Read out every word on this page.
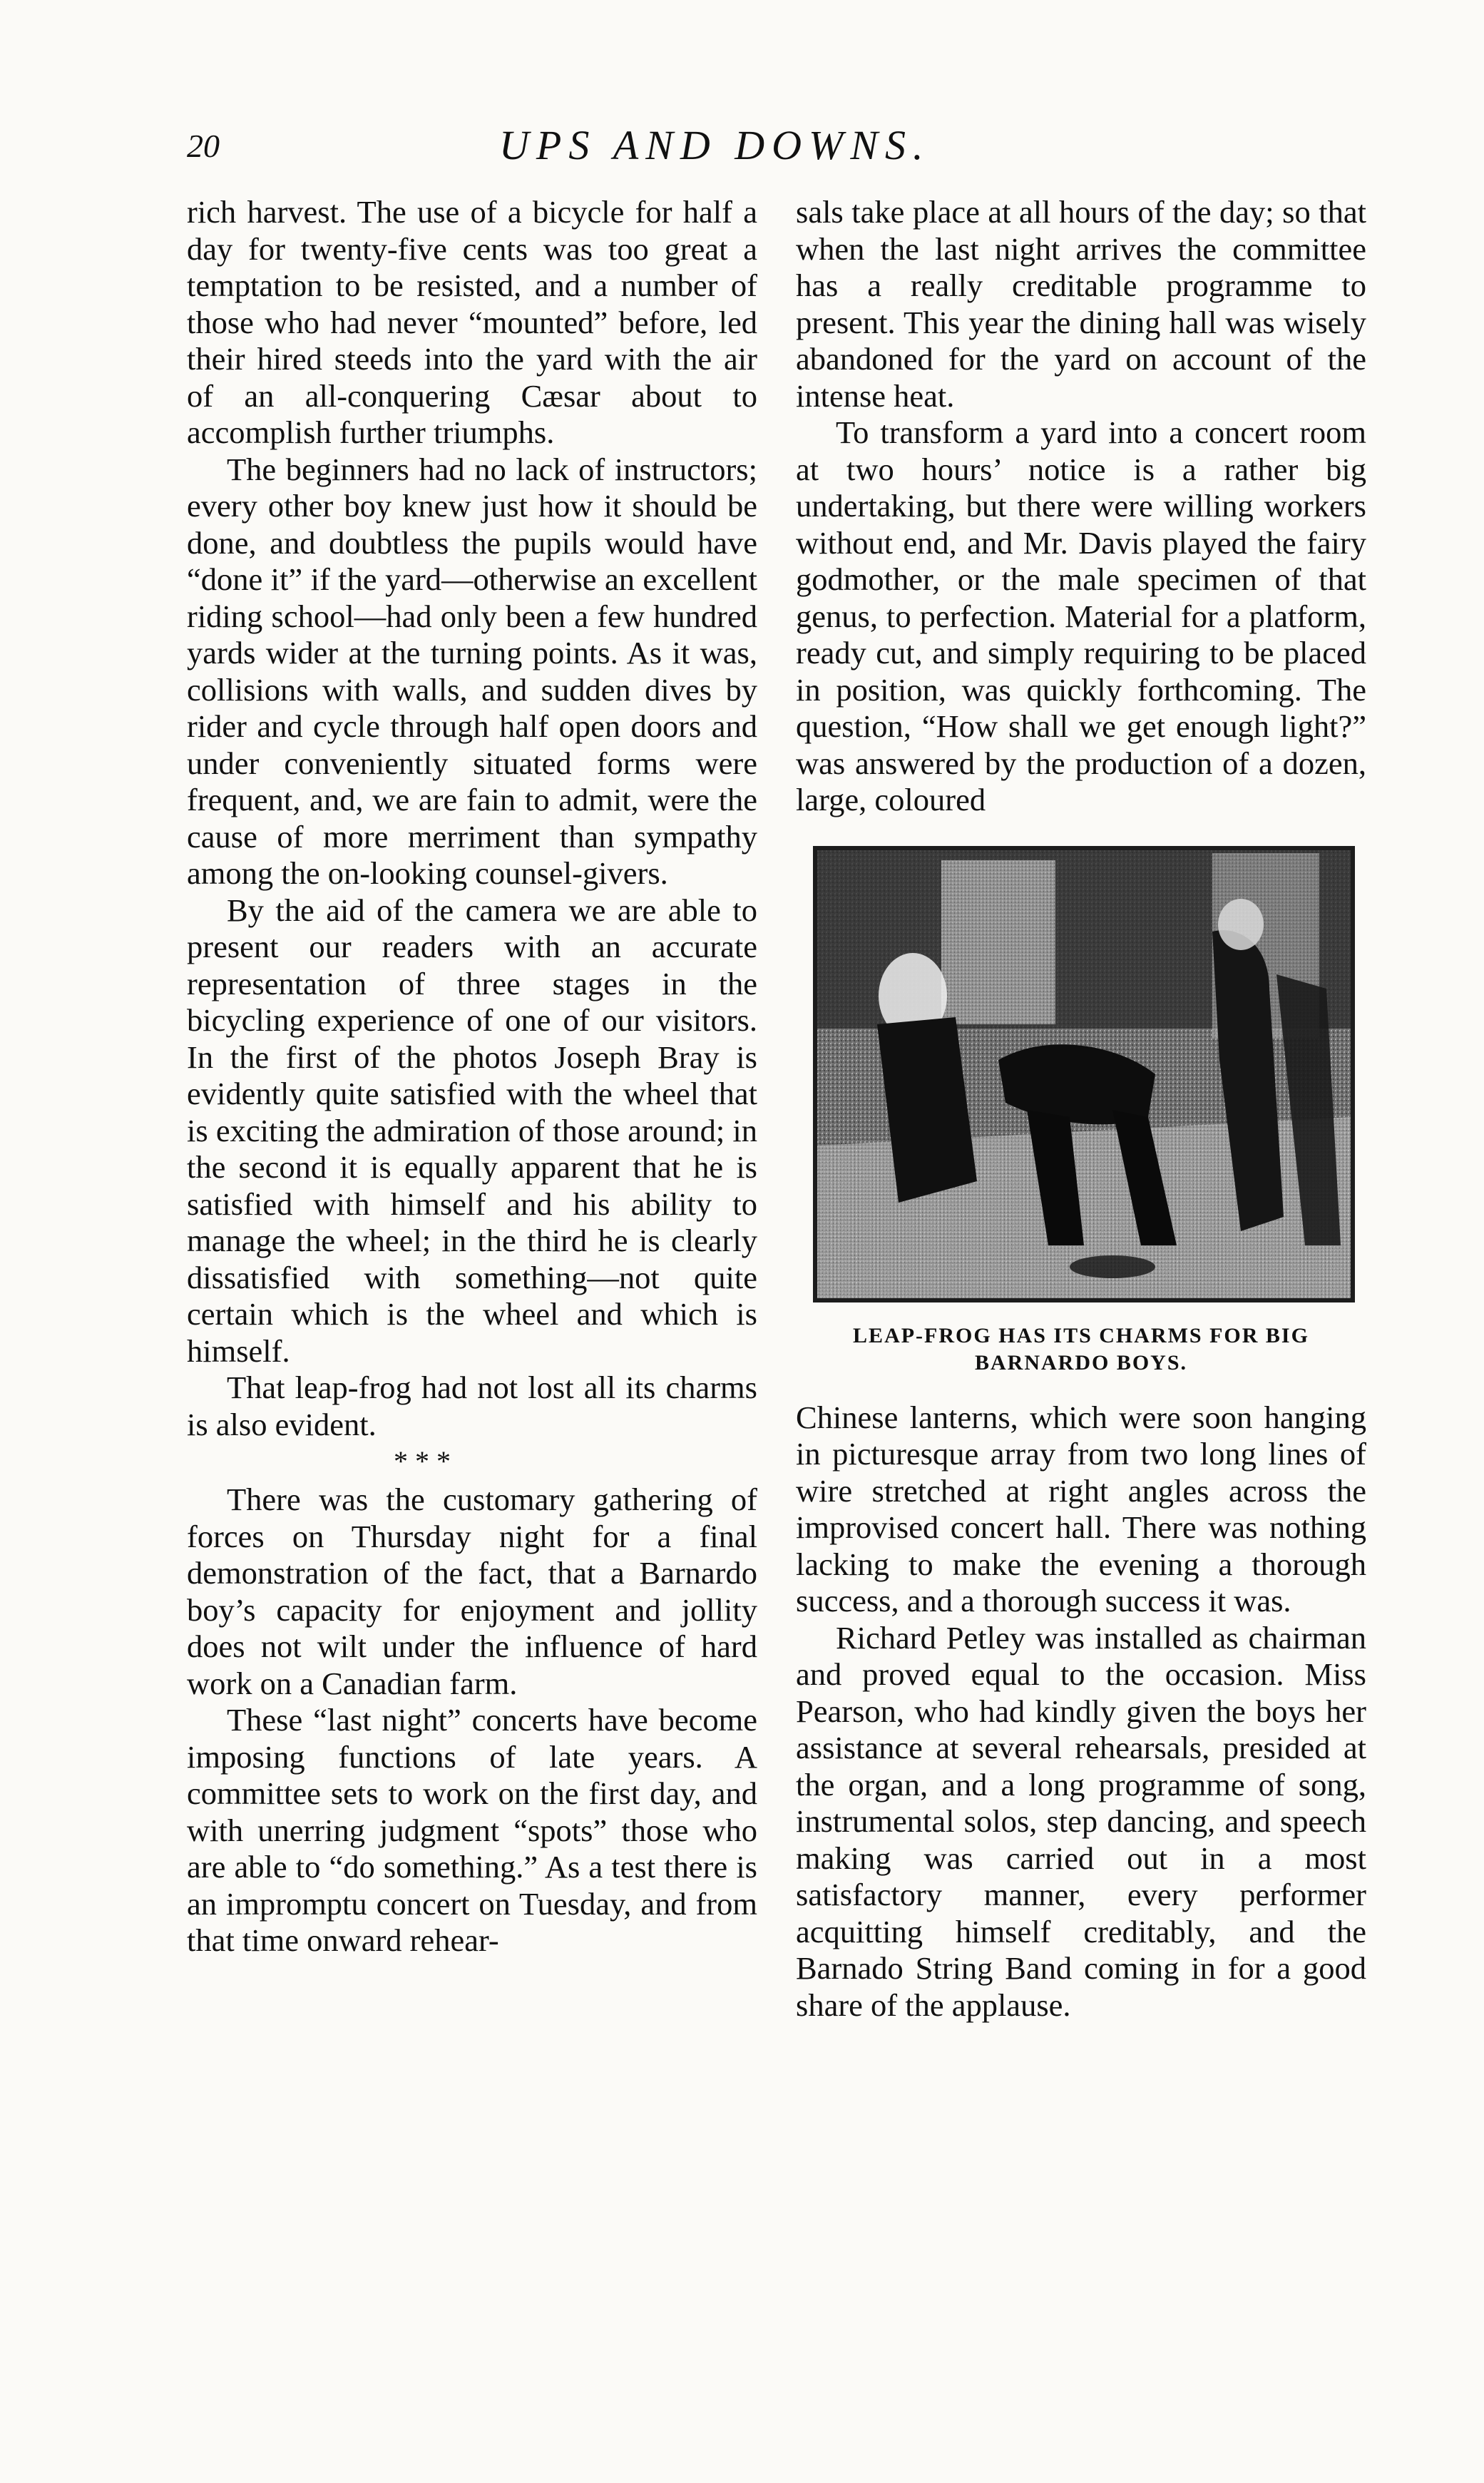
20	UPS AND DOWNS.

rich harvest. The use of a bicycle for half a day for twenty-five cents was too great a temptation to be resisted, and a number of those who had never “mounted” before, led their hired steeds into the yard with the air of an all-conquering Cæsar about to accomplish further triumphs.

The beginners had no lack of instructors; every other boy knew just how it should be done, and doubtless the pupils would have “done it” if the yard—otherwise an excellent riding school—had only been a few hundred yards wider at the turning points. As it was, collisions with walls, and sudden dives by rider and cycle through half open doors and under conveniently situated forms were frequent, and, we are fain to admit, were the cause of more merriment than sympathy among the on-looking counsel-givers.

By the aid of the camera we are able to present our readers with an accurate representation of three stages in the bicycling experience of one of our visitors. In the first of the photos Joseph Bray is evidently quite satisfied with the wheel that is exciting the admiration of those around; in the second it is equally apparent that he is satisfied with himself and his ability to manage the wheel; in the third he is clearly dissatisfied with something—not quite certain which is the wheel and which is himself.

That leap-frog had not lost all its charms is also evident.

* * *

There was the customary gathering of forces on Thursday night for a final demonstration of the fact, that a Barnardo boy’s capacity for enjoyment and jollity does not wilt under the influence of hard work on a Canadian farm.

These “last night” concerts have become imposing functions of late years. A committee sets to work on the first day, and with unerring judgment “spots” those who are able to “do something.” As a test there is an impromptu concert on Tuesday, and from that time onward rehear-

sals take place at all hours of the day; so that when the last night arrives the committee has a really creditable programme to present. This year the dining hall was wisely abandoned for the yard on account of the intense heat.

To transform a yard into a concert room at two hours’ notice is a rather big undertaking, but there were willing workers without end, and Mr. Davis played the fairy godmother, or the male specimen of that genus, to perfection. Material for a platform, ready cut, and simply requiring to be placed in position, was quickly forthcoming. The question, “How shall we get enough light?” was answered by the production of a dozen, large, coloured

LEAP-FROG HAS ITS CHARMS FOR BIG BARNARDO BOYS.

Chinese lanterns, which were soon hanging in picturesque array from two long lines of wire stretched at right angles across the improvised concert hall. There was nothing lacking to make the evening a thorough success, and a thorough success it was.

Richard Petley was installed as chairman and proved equal to the occasion. Miss Pearson, who had kindly given the boys her assistance at several rehearsals, presided at the organ, and a long programme of song, instrumental solos, step dancing, and speech making was carried out in a most satisfactory manner, every performer acquitting himself creditably, and the Barnado String Band coming in for a good share of the applause.
